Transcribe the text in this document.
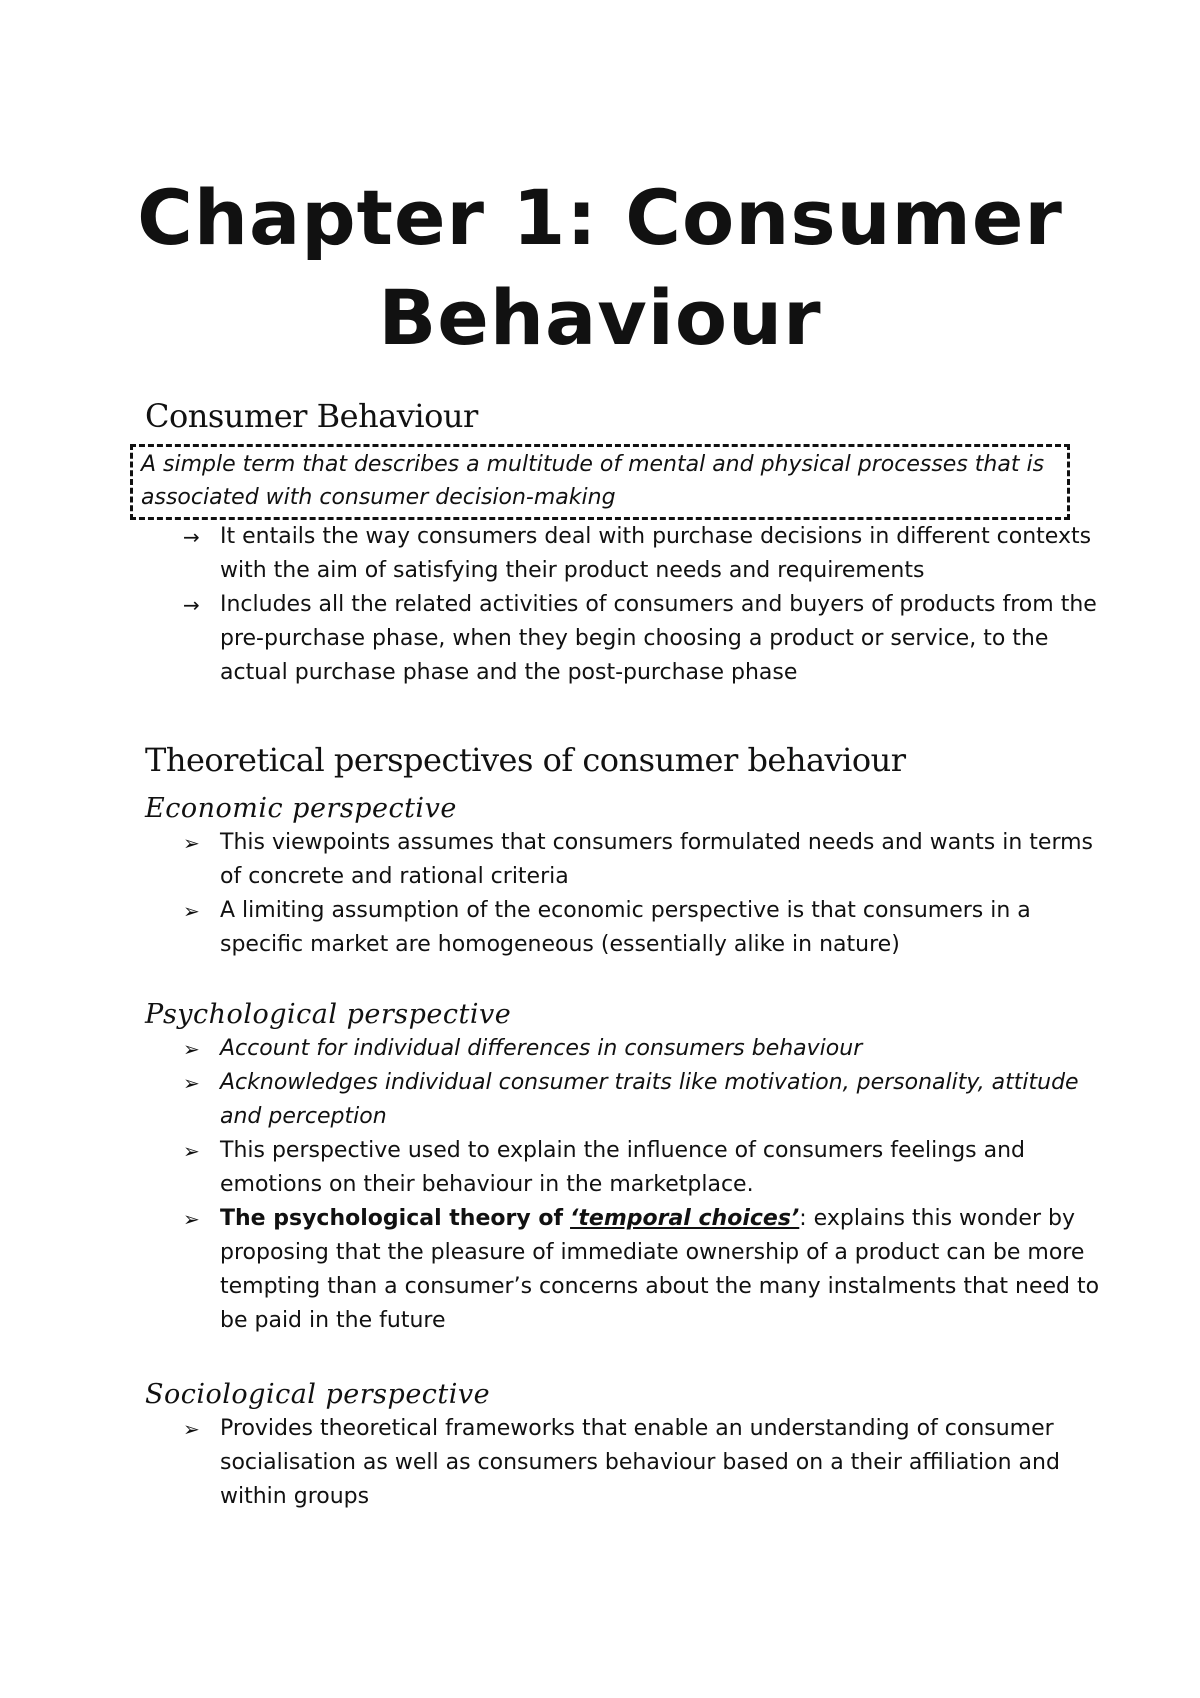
Chapter 1: Consumer
Behaviour
Consumer Behaviour

A simple term that describes a multitude of mental and physical processes that is associated with consumer decision-making

→ It entails the way consumers deal with purchase decisions in different contexts with the aim of satisfying their product needs and requirements
→ Includes all the related activities of consumers and buyers of products from the pre-purchase phase, when they begin choosing a product or service, to the actual purchase phase and the post-purchase phase
Theoretical perspectives of consumer behaviour
Economic perspective
➢ This viewpoints assumes that consumers formulated needs and wants in terms of concrete and rational criteria
➢ A limiting assumption of the economic perspective is that consumers in a specific market are homogeneous (essentially alike in nature)
Psychological perspective
➢ Account for individual differences in consumers behaviour
➢ Acknowledges individual consumer traits like motivation, personality, attitude and perception
➢ This perspective used to explain the influence of consumers feelings and emotions on their behaviour in the marketplace.
➢ The psychological theory of ‘temporal choices’: explains this wonder by proposing that the pleasure of immediate ownership of a product can be more tempting than a consumer’s concerns about the many instalments that need to be paid in the future
Sociological perspective
➢ Provides theoretical frameworks that enable an understanding of consumer socialisation as well as consumers behaviour based on a their affiliation and within groups
